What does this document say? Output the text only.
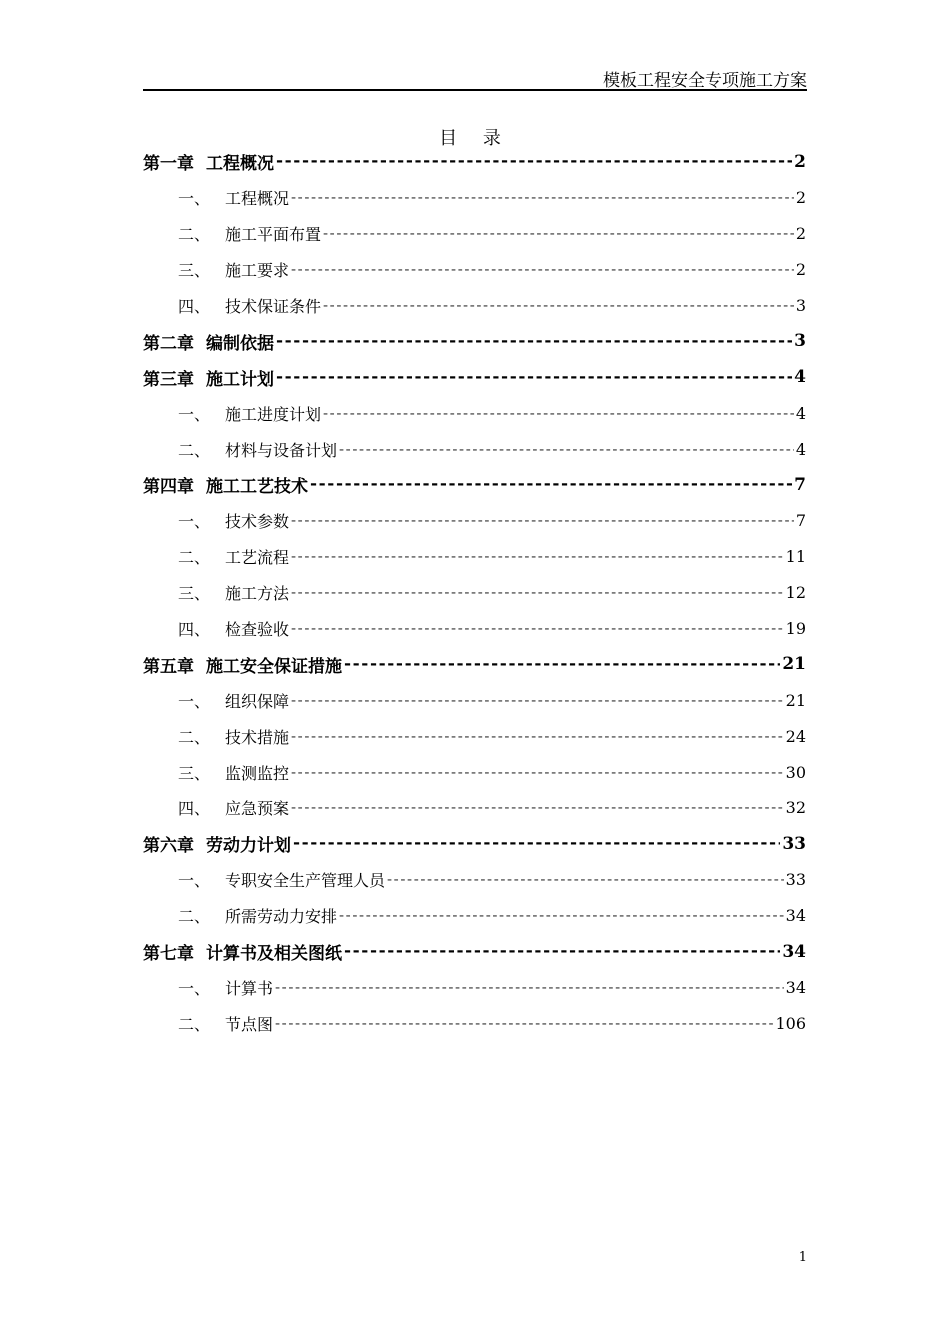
模板工程安全专项施工方案
目 录
第一章 工程概况 -----	2
一、 工程概况 -----	2
二、 施工平面布置 -----	2
三、 施工要求 -----	2
四、 技术保证条件 -----	3
第二章 编制依据 -----	3
第三章 施工计划 -----	4
一、 施工进度计划 -----	4
二、 材料与设备计划 -----	4
第四章 施工工艺技术 -----	7
一、 技术参数 -----	7
二、 工艺流程 -----	11
三、 施工方法 -----	12
四、 检查验收 -----	19
第五章 施工安全保证措施 -----	21
一、 组织保障 -----	21
二、 技术措施 -----	24
三、 监测监控 -----	30
四、 应急预案 -----	32
第六章 劳动力计划 -----	33
一、 专职安全生产管理人员 -----	33
二、 所需劳动力安排 -----	34
第七章 计算书及相关图纸 -----	34
一、 计算书 -----	34
二、 节点图 -----	106
1
